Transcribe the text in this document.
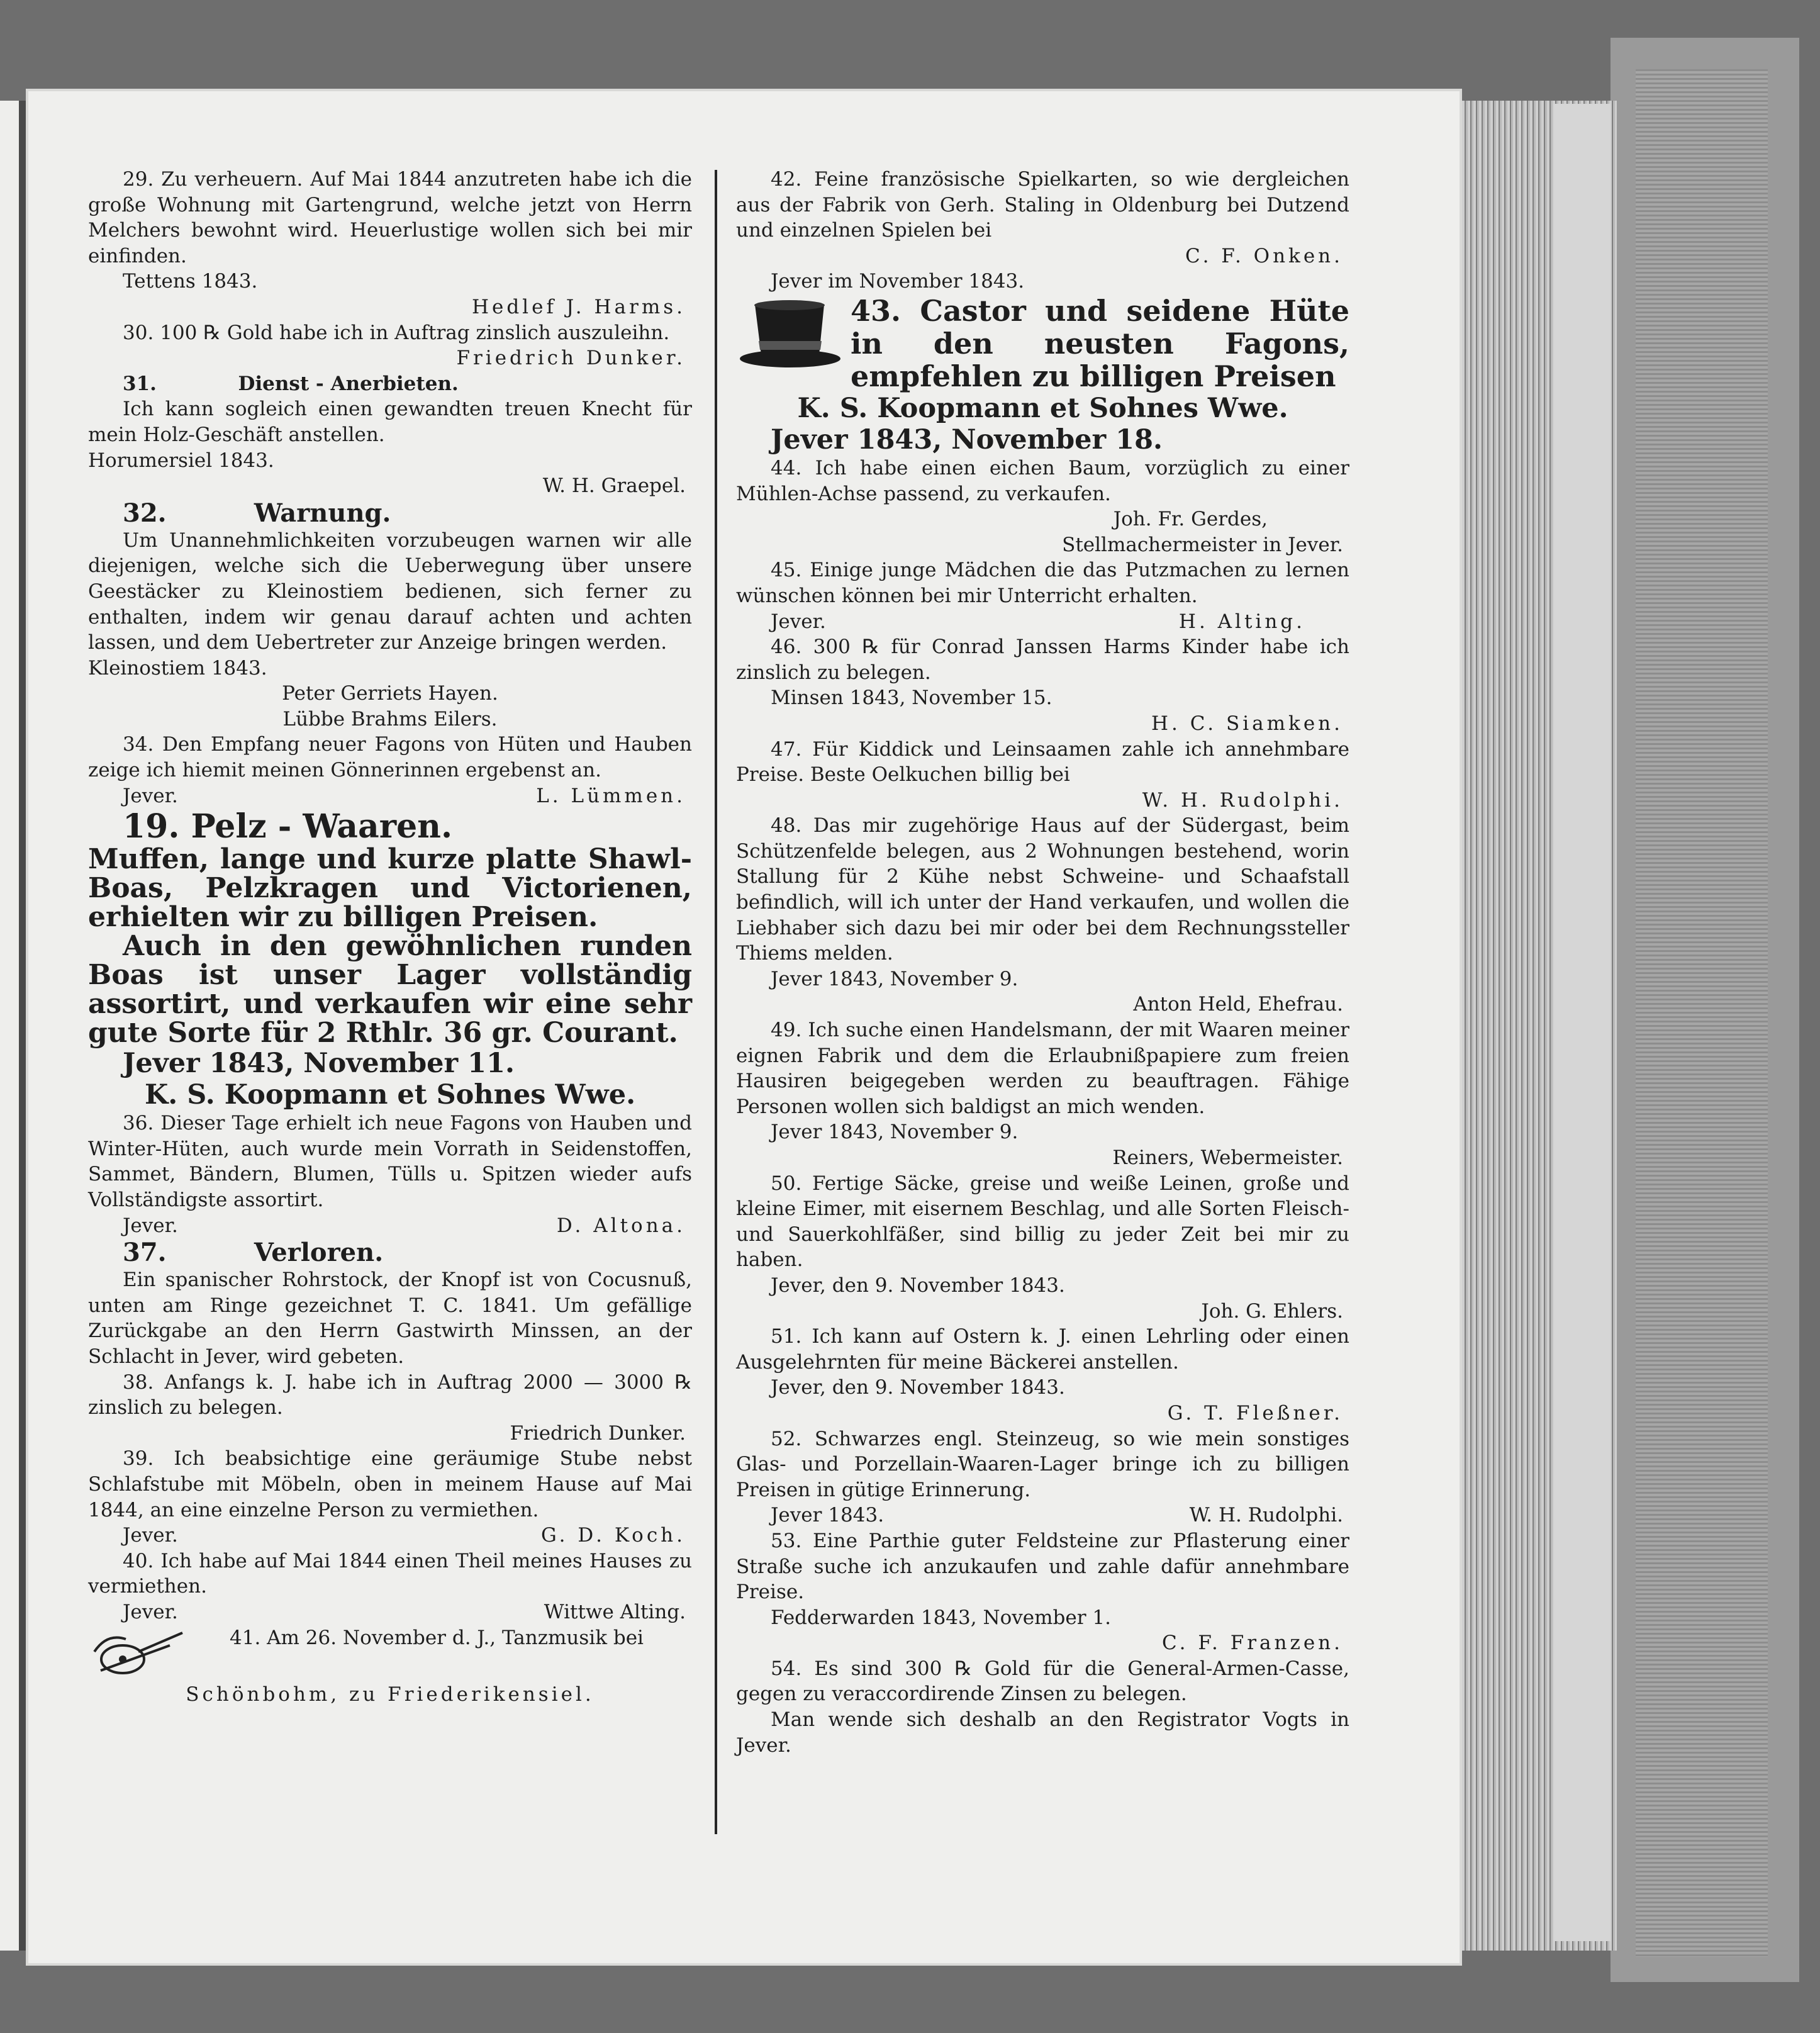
29. Zu verheuern. Auf Mai 1844 anzutreten habe ich die große Wohnung mit Gartengrund, welche jetzt von Herrn Melchers bewohnt wird. Heuerlustige wollen sich bei mir einfinden.

Tettens 1843.

Hedlef J. Harms.

30. 100 ℞ Gold habe ich in Auftrag zinslich auszuleihn.

Friedrich Dunker.

31.            Dienst - Anerbieten.

Ich kann sogleich einen gewandten treuen Knecht für mein Holz-Geschäft anstellen.

Horumersiel 1843.

W. H. Graepel.

32.          Warnung.

Um Unannehmlichkeiten vorzubeugen warnen wir alle diejenigen, welche sich die Ueberwegung über unsere Geestäcker zu Kleinostiem bedienen, sich ferner zu enthalten, indem wir genau darauf achten und achten lassen, und dem Uebertreter zur Anzeige bringen werden.

Kleinostiem 1843.

Peter Gerriets Hayen.

Lübbe Brahms Eilers.

34. Den Empfang neuer Fagons von Hüten und Hauben zeige ich hiemit meinen Gönnerinnen ergebenst an.

Jever.	L. Lümmen.

19. Pelz - Waaren.

Muffen, lange und kurze platte Shawl-Boas, Pelzkragen und Victorienen, erhielten wir zu billigen Preisen.

Auch in den gewöhnlichen runden Boas ist unser Lager vollständig assortirt, und verkaufen wir eine sehr gute Sorte für 2 Rthlr. 36 gr. Courant.

Jever 1843, November 11.

K. S. Koopmann et Sohnes Wwe.

36. Dieser Tage erhielt ich neue Fagons von Hauben und Winter-Hüten, auch wurde mein Vorrath in Seidenstoffen, Sammet, Bändern, Blumen, Tülls u. Spitzen wieder aufs Vollständigste assortirt.

Jever.	D. Altona.

37.          Verloren.

Ein spanischer Rohrstock, der Knopf ist von Cocusnuß, unten am Ringe gezeichnet T. C. 1841. Um gefällige Zurückgabe an den Herrn Gastwirth Minssen, an der Schlacht in Jever, wird gebeten.

38. Anfangs k. J. habe ich in Auftrag 2000 — 3000 ℞ zinslich zu belegen.

Friedrich Dunker.

39. Ich beabsichtige eine geräumige Stube nebst Schlafstube mit Möbeln, oben in meinem Hause auf Mai 1844, an eine einzelne Person zu vermiethen.

Jever.	G. D. Koch.

40. Ich habe auf Mai 1844 einen Theil meines Hauses zu vermiethen.

Jever.	Wittwe Alting.

41. Am 26. November d. J., Tanzmusik bei

Schönbohm, zu Friederikensiel.

42. Feine französische Spielkarten, so wie dergleichen aus der Fabrik von Gerh. Staling in Oldenburg bei Dutzend und einzelnen Spielen bei

C. F. Onken.

Jever im November 1843.

43. Castor und seidene Hüte in den neusten Fagons, empfehlen zu billigen Preisen

K. S. Koopmann et Sohnes Wwe.

Jever 1843, November 18.

44. Ich habe einen eichen Baum, vorzüglich zu einer Mühlen-Achse passend, zu verkaufen.

Joh. Fr. Gerdes,

Stellmachermeister in Jever.

45. Einige junge Mädchen die das Putzmachen zu lernen wünschen können bei mir Unterricht erhalten.

Jever.	H. Alting.

46. 300 ℞ für Conrad Janssen Harms Kinder habe ich zinslich zu belegen.

Minsen 1843, November 15.

H. C. Siamken.

47. Für Kiddick und Leinsaamen zahle ich annehmbare Preise. Beste Oelkuchen billig bei

W. H. Rudolphi.

48. Das mir zugehörige Haus auf der Südergast, beim Schützenfelde belegen, aus 2 Wohnungen bestehend, worin Stallung für 2 Kühe nebst Schweine- und Schaafstall befindlich, will ich unter der Hand verkaufen, und wollen die Liebhaber sich dazu bei mir oder bei dem Rechnungssteller Thiems melden.

Jever 1843, November 9.

Anton Held, Ehefrau.

49. Ich suche einen Handelsmann, der mit Waaren meiner eignen Fabrik und dem die Erlaubnißpapiere zum freien Hausiren beigegeben werden zu beauftragen. Fähige Personen wollen sich baldigst an mich wenden.

Jever 1843, November 9.

Reiners, Webermeister.

50. Fertige Säcke, greise und weiße Leinen, große und kleine Eimer, mit eisernem Beschlag, und alle Sorten Fleisch- und Sauerkohlfäßer, sind billig zu jeder Zeit bei mir zu haben.

Jever, den 9. November 1843.

Joh. G. Ehlers.

51. Ich kann auf Ostern k. J. einen Lehrling oder einen Ausgelehrnten für meine Bäckerei anstellen.

Jever, den 9. November 1843.

G. T. Fleßner.

52. Schwarzes engl. Steinzeug, so wie mein sonstiges Glas- und Porzellain-Waaren-Lager bringe ich zu billigen Preisen in gütige Erinnerung.

Jever 1843.	W. H. Rudolphi.

53. Eine Parthie guter Feldsteine zur Pflasterung einer Straße suche ich anzukaufen und zahle dafür annehmbare Preise.

Fedderwarden 1843, November 1.

C. F. Franzen.

54. Es sind 300 ℞ Gold für die General-Armen-Casse, gegen zu veraccordirende Zinsen zu belegen.

Man wende sich deshalb an den Registrator Vogts in Jever.
